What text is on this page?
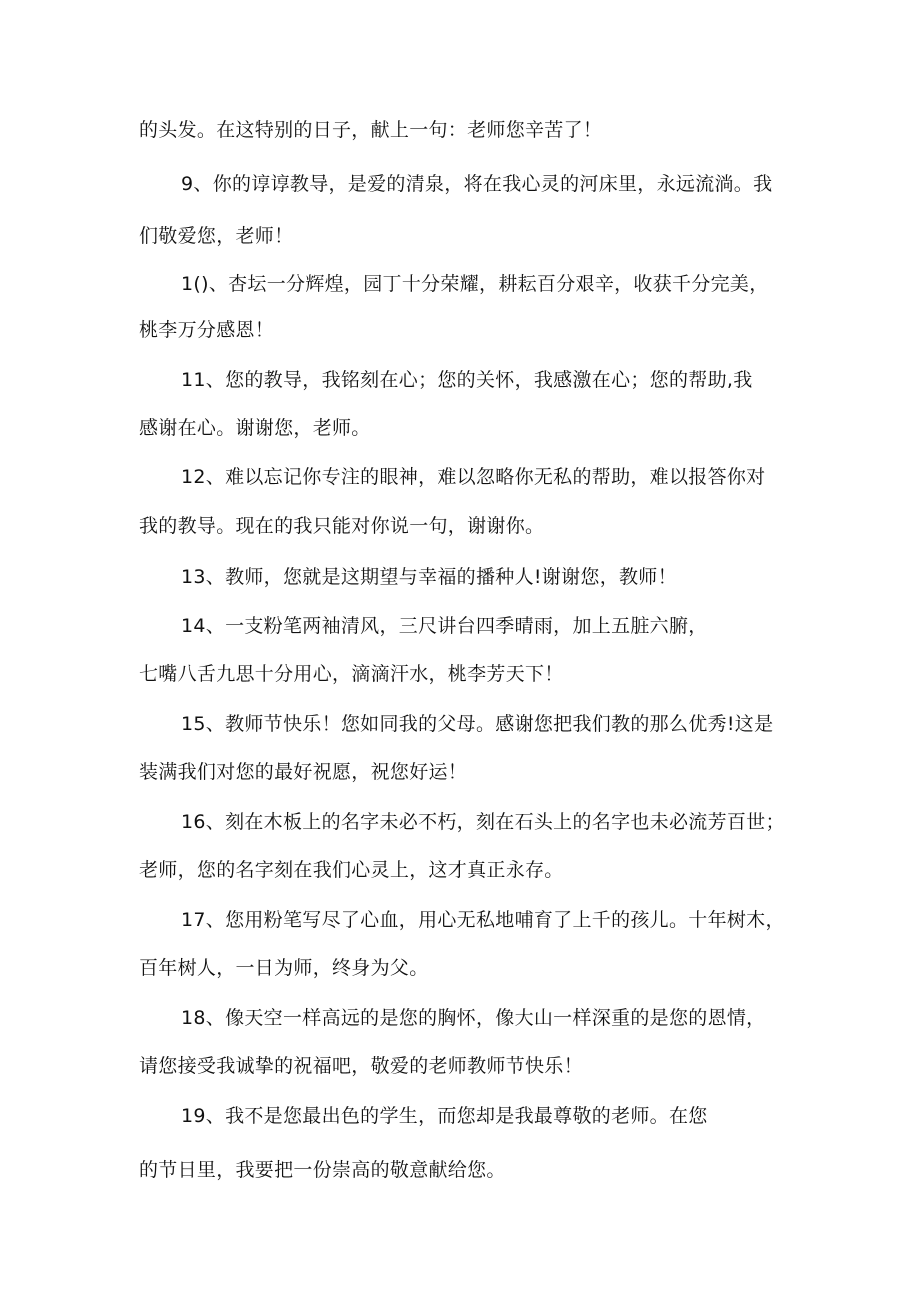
的头发。在这特别的日子，献上一句：老师您辛苦了！
9、你的谆谆教导，是爱的清泉，将在我心灵的河床里，永远流淌。我
们敬爱您，老师！
1()、杏坛一分辉煌，园丁十分荣耀，耕耘百分艰辛，收获千分完美，
桃李万分感恩！
11、您的教导，我铭刻在心；您的关怀，我感激在心；您的帮助,我
感谢在心。谢谢您，老师。
12、难以忘记你专注的眼神，难以忽略你无私的帮助，难以报答你对
我的教导。现在的我只能对你说一句，谢谢你。
13、教师，您就是这期望与幸福的播种人!谢谢您，教师！
14、一支粉笔两袖清风，三尺讲台四季晴雨，加上五脏六腑，
七嘴八舌九思十分用心，滴滴汗水，桃李芳天下！
15、教师节快乐！您如同我的父母。感谢您把我们教的那么优秀!这是
装满我们对您的最好祝愿，祝您好运！
16、刻在木板上的名字未必不朽，刻在石头上的名字也未必流芳百世；
老师，您的名字刻在我们心灵上，这才真正永存。
17、您用粉笔写尽了心血，用心无私地哺育了上千的孩儿。十年树木，
百年树人，一日为师，终身为父。
18、像天空一样高远的是您的胸怀，像大山一样深重的是您的恩情，
请您接受我诚挚的祝福吧，敬爱的老师教师节快乐！
19、我不是您最出色的学生，而您却是我最尊敬的老师。在您
的节日里，我要把一份崇高的敬意献给您。
